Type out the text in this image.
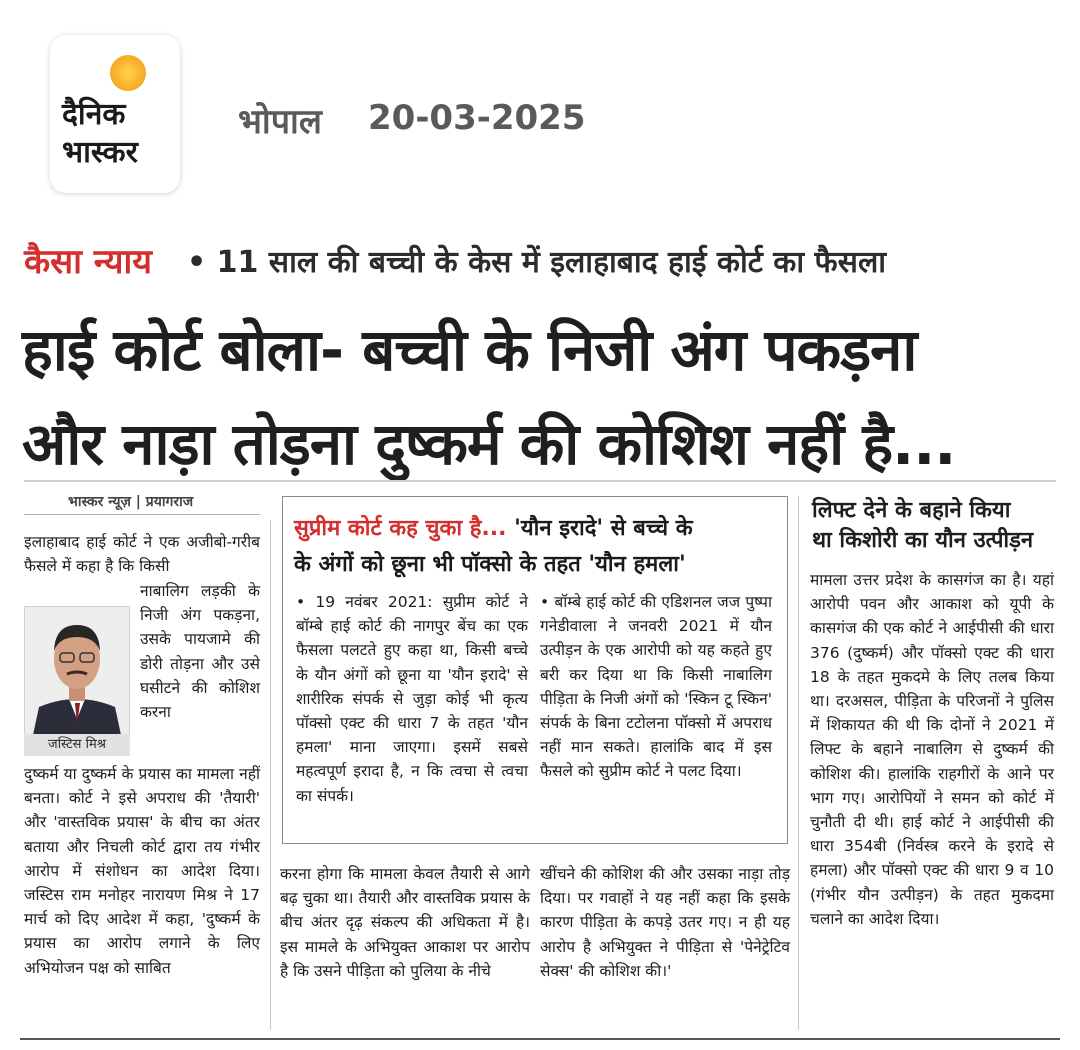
दैनिक
भास्कर
भोपाल 20-03-2025
कैसा न्याय • 11 साल की बच्ची के केस में इलाहाबाद हाई कोर्ट का फैसला
हाई कोर्ट बोला- बच्ची के निजी अंग पकड़ना
और नाड़ा तोड़ना दुष्कर्म की कोशिश नहीं है...
भास्कर न्यूज़ | प्रयागराज
इलाहाबाद हाई कोर्ट ने एक अजीबो-गरीब फैसले में कहा है कि किसी
जस्टिस मिश्र
नाबालिग लड़की के निजी अंग पकड़ना, उसके पायजामे की डोरी तोड़ना और उसे घसीटने की कोशिश करना
दुष्कर्म या दुष्कर्म के प्रयास का मामला नहीं बनता। कोर्ट ने इसे अपराध की 'तैयारी' और 'वास्तविक प्रयास' के बीच का अंतर बताया और निचली कोर्ट द्वारा तय गंभीर आरोप में संशोधन का आदेश दिया। जस्टिस राम मनोहर नारायण मिश्र ने 17 मार्च को दिए आदेश में कहा, 'दुष्कर्म के प्रयास का आरोप लगाने के लिए अभियोजन पक्ष को साबित
सुप्रीम कोर्ट कह चुका है... 'यौन इरादे' से बच्चे के
के अंगों को छूना भी पॉक्सो के तहत 'यौन हमला'
• 19 नवंबर 2021: सुप्रीम कोर्ट ने बॉम्बे हाई कोर्ट की नागपुर बेंच का एक फैसला पलटते हुए कहा था, किसी बच्चे के यौन अंगों को छूना या 'यौन इरादे' से शारीरिक संपर्क से जुड़ा कोई भी कृत्य पॉक्सो एक्ट की धारा 7 के तहत 'यौन हमला' माना जाएगा। इसमें सबसे महत्वपूर्ण इरादा है, न कि त्वचा से त्वचा का संपर्क।
• बॉम्बे हाई कोर्ट की एडिशनल जज पुष्पा गनेडीवाला ने जनवरी 2021 में यौन उत्पीड़न के एक आरोपी को यह कहते हुए बरी कर दिया था कि किसी नाबालिग पीड़िता के निजी अंगों को 'स्किन टू स्किन' संपर्क के बिना टटोलना पॉक्सो में अपराध नहीं मान सकते। हालांकि बाद में इस फैसले को सुप्रीम कोर्ट ने पलट दिया।
करना होगा कि मामला केवल तैयारी से आगे बढ़ चुका था। तैयारी और वास्तविक प्रयास के बीच अंतर दृढ़ संकल्प की अधिकता में है। इस मामले के अभियुक्त आकाश पर आरोप है कि उसने पीड़िता को पुलिया के नीचे
खींचने की कोशिश की और उसका नाड़ा तोड़ दिया। पर गवाहों ने यह नहीं कहा कि इसके कारण पीड़िता के कपड़े उतर गए। न ही यह आरोप है अभियुक्त ने पीड़िता से 'पेनेट्रेटिव सेक्स' की कोशिश की।'
लिफ्ट देने के बहाने किया
था किशोरी का यौन उत्पीड़न
मामला उत्तर प्रदेश के कासगंज का है। यहां आरोपी पवन और आकाश को यूपी के कासगंज की एक कोर्ट ने आईपीसी की धारा 376 (दुष्कर्म) और पॉक्सो एक्ट की धारा 18 के तहत मुकदमे के लिए तलब किया था। दरअसल, पीड़िता के परिजनों ने पुलिस में शिकायत की थी कि दोनों ने 2021 में लिफ्ट के बहाने नाबालिग से दुष्कर्म की कोशिश की। हालांकि राहगीरों के आने पर भाग गए। आरोपियों ने समन को कोर्ट में चुनौती दी थी। हाई कोर्ट ने आईपीसी की धारा 354बी (निर्वस्त्र करने के इरादे से हमला) और पॉक्सो एक्ट की धारा 9 व 10 (गंभीर यौन उत्पीड़न) के तहत मुकदमा चलाने का आदेश दिया।
